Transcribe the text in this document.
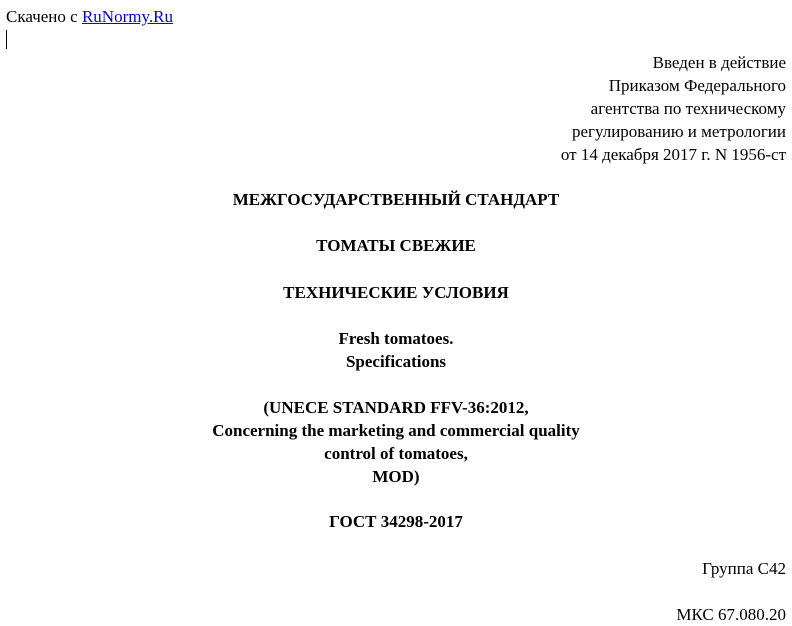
Скачено с RuNormy.Ru
Введен в действие
Приказом Федерального
агентства по техническому
регулированию и метрологии
от 14 декабря 2017 г. N 1956-ст
МЕЖГОСУДАРСТВЕННЫЙ СТАНДАРТ
ТОМАТЫ СВЕЖИЕ
ТЕХНИЧЕСКИЕ УСЛОВИЯ
Fresh tomatoes.
Specifications
(UNECE STANDARD FFV-36:2012,
Concerning the marketing and commercial quality
control of tomatoes,
MOD)
ГОСТ 34298-2017
Группа С42
МКС 67.080.20
